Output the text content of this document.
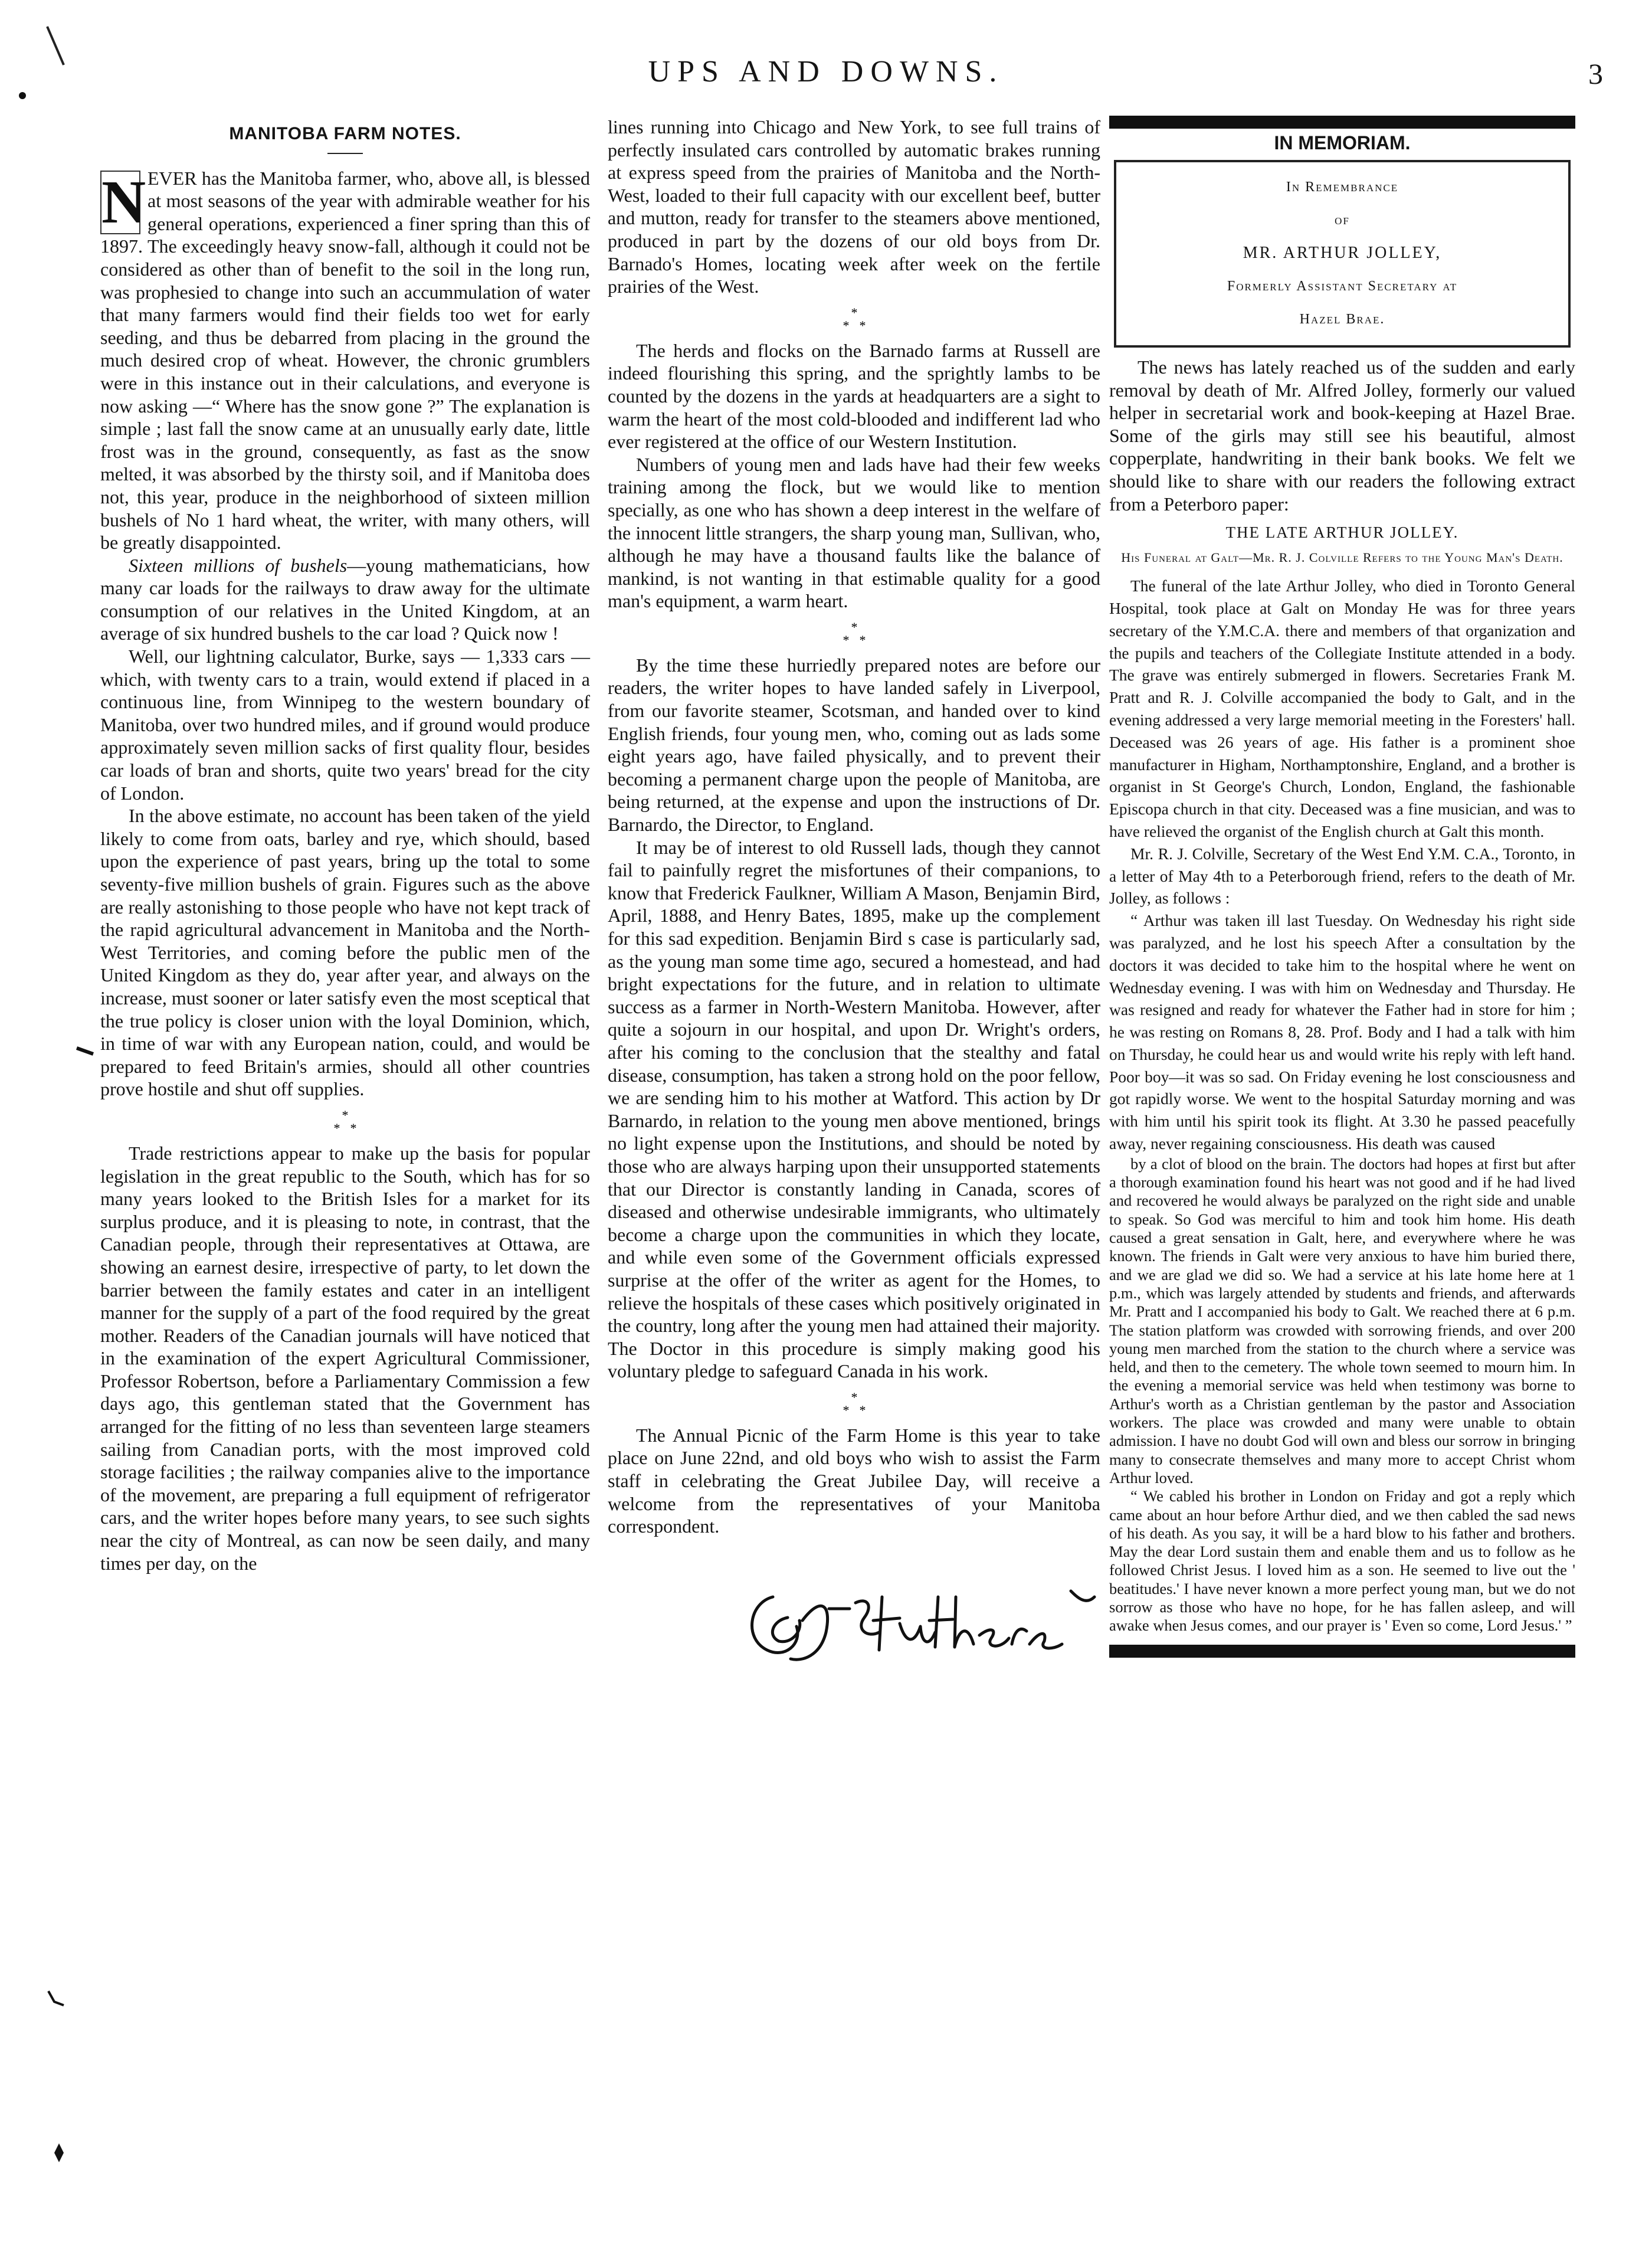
UPS AND DOWNS.	3
MANITOBA FARM NOTES.

N EVER has the Manitoba farmer, who, above all, is blessed at most seasons of the year with admirable weather for his general operations, experienced a finer spring than this of 1897. The exceedingly heavy snow-fall, although it could not be considered as other than of benefit to the soil in the long run, was prophesied to change into such an accummulation of water that many farmers would find their fields too wet for early seeding, and thus be debarred from placing in the ground the much desired crop of wheat. However, the chronic grumblers were in this instance out in their calculations, and everyone is now asking —“ Where has the snow gone ?” The explanation is simple ; last fall the snow came at an unusually early date, little frost was in the ground, consequently, as fast as the snow melted, it was absorbed by the thirsty soil, and if Manitoba does not, this year, produce in the neighborhood of sixteen million bushels of No 1 hard wheat, the writer, with many others, will be greatly disappointed.

Sixteen millions of bushels—young mathematicians, how many car loads for the railways to draw away for the ultimate consumption of our relatives in the United Kingdom, at an average of six hundred bushels to the car load ? Quick now !

Well, our lightning calculator, Burke, says — 1,333 cars — which, with twenty cars to a train, would extend if placed in a continuous line, from Winnipeg to the western boundary of Manitoba, over two hundred miles, and if ground would produce approximately seven million sacks of first quality flour, besides car loads of bran and shorts, quite two years' bread for the city of London.

In the above estimate, no account has been taken of the yield likely to come from oats, barley and rye, which should, based upon the experience of past years, bring up the total to some seventy-five million bushels of grain. Figures such as the above are really astonishing to those people who have not kept track of the rapid agricultural advancement in Manitoba and the North-West Territories, and coming before the public men of the United Kingdom as they do, year after year, and always on the increase, must sooner or later satisfy even the most sceptical that the true policy is closer union with the loyal Dominion, which, in time of war with any European nation, could, and would be prepared to feed Britain's armies, should all other countries prove hostile and shut off supplies.

*
* *

Trade restrictions appear to make up the basis for popular legislation in the great republic to the South, which has for so many years looked to the British Isles for a market for its surplus produce, and it is pleasing to note, in contrast, that the Canadian people, through their representatives at Ottawa, are showing an earnest desire, irrespective of party, to let down the barrier between the family estates and cater in an intelligent manner for the supply of a part of the food required by the great mother. Readers of the Canadian journals will have noticed that in the examination of the expert Agricultural Commissioner, Professor Robertson, before a Parliamentary Commission a few days ago, this gentleman stated that the Government has arranged for the fitting of no less than seventeen large steamers sailing from Canadian ports, with the most improved cold storage facilities ; the railway companies alive to the importance of the movement, are preparing a full equipment of refrigerator cars, and the writer hopes before many years, to see such sights near the city of Montreal, as can now be seen daily, and many times per day, on the

lines running into Chicago and New York, to see full trains of perfectly insulated cars controlled by automatic brakes running at express speed from the prairies of Manitoba and the North-West, loaded to their full capacity with our excellent beef, butter and mutton, ready for transfer to the steamers above mentioned, produced in part by the dozens of our old boys from Dr. Barnado's Homes, locating week after week on the fertile prairies of the West.

*
* *

The herds and flocks on the Barnado farms at Russell are indeed flourishing this spring, and the sprightly lambs to be counted by the dozens in the yards at headquarters are a sight to warm the heart of the most cold-blooded and indifferent lad who ever registered at the office of our Western Institution.

Numbers of young men and lads have had their few weeks training among the flock, but we would like to mention specially, as one who has shown a deep interest in the welfare of the innocent little strangers, the sharp young man, Sullivan, who, although he may have a thousand faults like the balance of mankind, is not wanting in that estimable quality for a good man's equipment, a warm heart.

*
* *

By the time these hurriedly prepared notes are before our readers, the writer hopes to have landed safely in Liverpool, from our favorite steamer, Scotsman, and handed over to kind English friends, four young men, who, coming out as lads some eight years ago, have failed physically, and to prevent their becoming a permanent charge upon the people of Manitoba, are being returned, at the expense and upon the instructions of Dr. Barnardo, the Director, to England.

It may be of interest to old Russell lads, though they cannot fail to painfully regret the misfortunes of their companions, to know that Frederick Faulkner, William A Mason, Benjamin Bird, April, 1888, and Henry Bates, 1895, make up the complement for this sad expedition. Benjamin Bird s case is particularly sad, as the young man some time ago, secured a homestead, and had bright expectations for the future, and in relation to ultimate success as a farmer in North-Western Manitoba. However, after quite a sojourn in our hospital, and upon Dr. Wright's orders, after his coming to the conclusion that the stealthy and fatal disease, consumption, has taken a strong hold on the poor fellow, we are sending him to his mother at Watford. This action by Dr Barnardo, in relation to the young men above mentioned, brings no light expense upon the Institutions, and should be noted by those who are always harping upon their unsupported statements that our Director is constantly landing in Canada, scores of diseased and otherwise undesirable immigrants, who ultimately become a charge upon the communities in which they locate, and while even some of the Government officials expressed surprise at the offer of the writer as agent for the Homes, to relieve the hospitals of these cases which positively originated in the country, long after the young men had attained their majority. The Doctor in this procedure is simply making good his voluntary pledge to safeguard Canada in his work.

*
* *

The Annual Picnic of the Farm Home is this year to take place on June 22nd, and old boys who wish to assist the Farm staff in celebrating the Great Jubilee Day, will receive a welcome from the representatives of your Manitoba correspondent.

IN MEMORIAM.
In Remembrance
of
MR. ARTHUR JOLLEY,
Formerly Assistant Secretary at
Hazel Brae.

The news has lately reached us of the sudden and early removal by death of Mr. Alfred Jolley, formerly our valued helper in secretarial work and book-keeping at Hazel Brae. Some of the girls may still see his beautiful, almost copperplate, handwriting in their bank books. We felt we should like to share with our readers the following extract from a Peterboro paper:

THE LATE ARTHUR JOLLEY.
His Funeral at Galt—Mr. R. J. Colville Refers to the Young Man's Death.

The funeral of the late Arthur Jolley, who died in Toronto General Hospital, took place at Galt on Monday He was for three years secretary of the Y.M.C.A. there and members of that organization and the pupils and teachers of the Collegiate Institute attended in a body. The grave was entirely submerged in flowers. Secretaries Frank M. Pratt and R. J. Colville accompanied the body to Galt, and in the evening addressed a very large memorial meeting in the Foresters' hall. Deceased was 26 years of age. His father is a prominent shoe manufacturer in Higham, Northamptonshire, England, and a brother is organist in St George's Church, London, England, the fashionable Episcopa church in that city. Deceased was a fine musician, and was to have relieved the organist of the English church at Galt this month.

Mr. R. J. Colville, Secretary of the West End Y.M. C.A., Toronto, in a letter of May 4th to a Peterborough friend, refers to the death of Mr. Jolley, as follows :

“ Arthur was taken ill last Tuesday. On Wednesday his right side was paralyzed, and he lost his speech After a consultation by the doctors it was decided to take him to the hospital where he went on Wednesday evening. I was with him on Wednesday and Thursday. He was resigned and ready for whatever the Father had in store for him ; he was resting on Romans 8, 28. Prof. Body and I had a talk with him on Thursday, he could hear us and would write his reply with left hand. Poor boy—it was so sad. On Friday evening he lost consciousness and got rapidly worse. We went to the hospital Saturday morning and was with him until his spirit took its flight. At 3.30 he passed peacefully away, never regaining consciousness. His death was caused

by a clot of blood on the brain. The doctors had hopes at first but after a thorough examination found his heart was not good and if he had lived and recovered he would always be paralyzed on the right side and unable to speak. So God was merciful to him and took him home. His death caused a great sensation in Galt, here, and everywhere where he was known. The friends in Galt were very anxious to have him buried there, and we are glad we did so. We had a service at his late home here at 1 p.m., which was largely attended by students and friends, and afterwards Mr. Pratt and I accompanied his body to Galt. We reached there at 6 p.m. The station platform was crowded with sorrowing friends, and over 200 young men marched from the station to the church where a service was held, and then to the cemetery. The whole town seemed to mourn him. In the evening a memorial service was held when testimony was borne to Arthur's worth as a Christian gentleman by the pastor and Association workers. The place was crowded and many were unable to obtain admission. I have no doubt God will own and bless our sorrow in bringing many to consecrate themselves and many more to accept Christ whom Arthur loved.

“ We cabled his brother in London on Friday and got a reply which came about an hour before Arthur died, and we then cabled the sad news of his death. As you say, it will be a hard blow to his father and brothers. May the dear Lord sustain them and enable them and us to follow as he followed Christ Jesus. I loved him as a son. He seemed to live out the ' beatitudes.' I have never known a more perfect young man, but we do not sorrow as those who have no hope, for he has fallen asleep, and will awake when Jesus comes, and our prayer is ' Even so come, Lord Jesus.' ”
